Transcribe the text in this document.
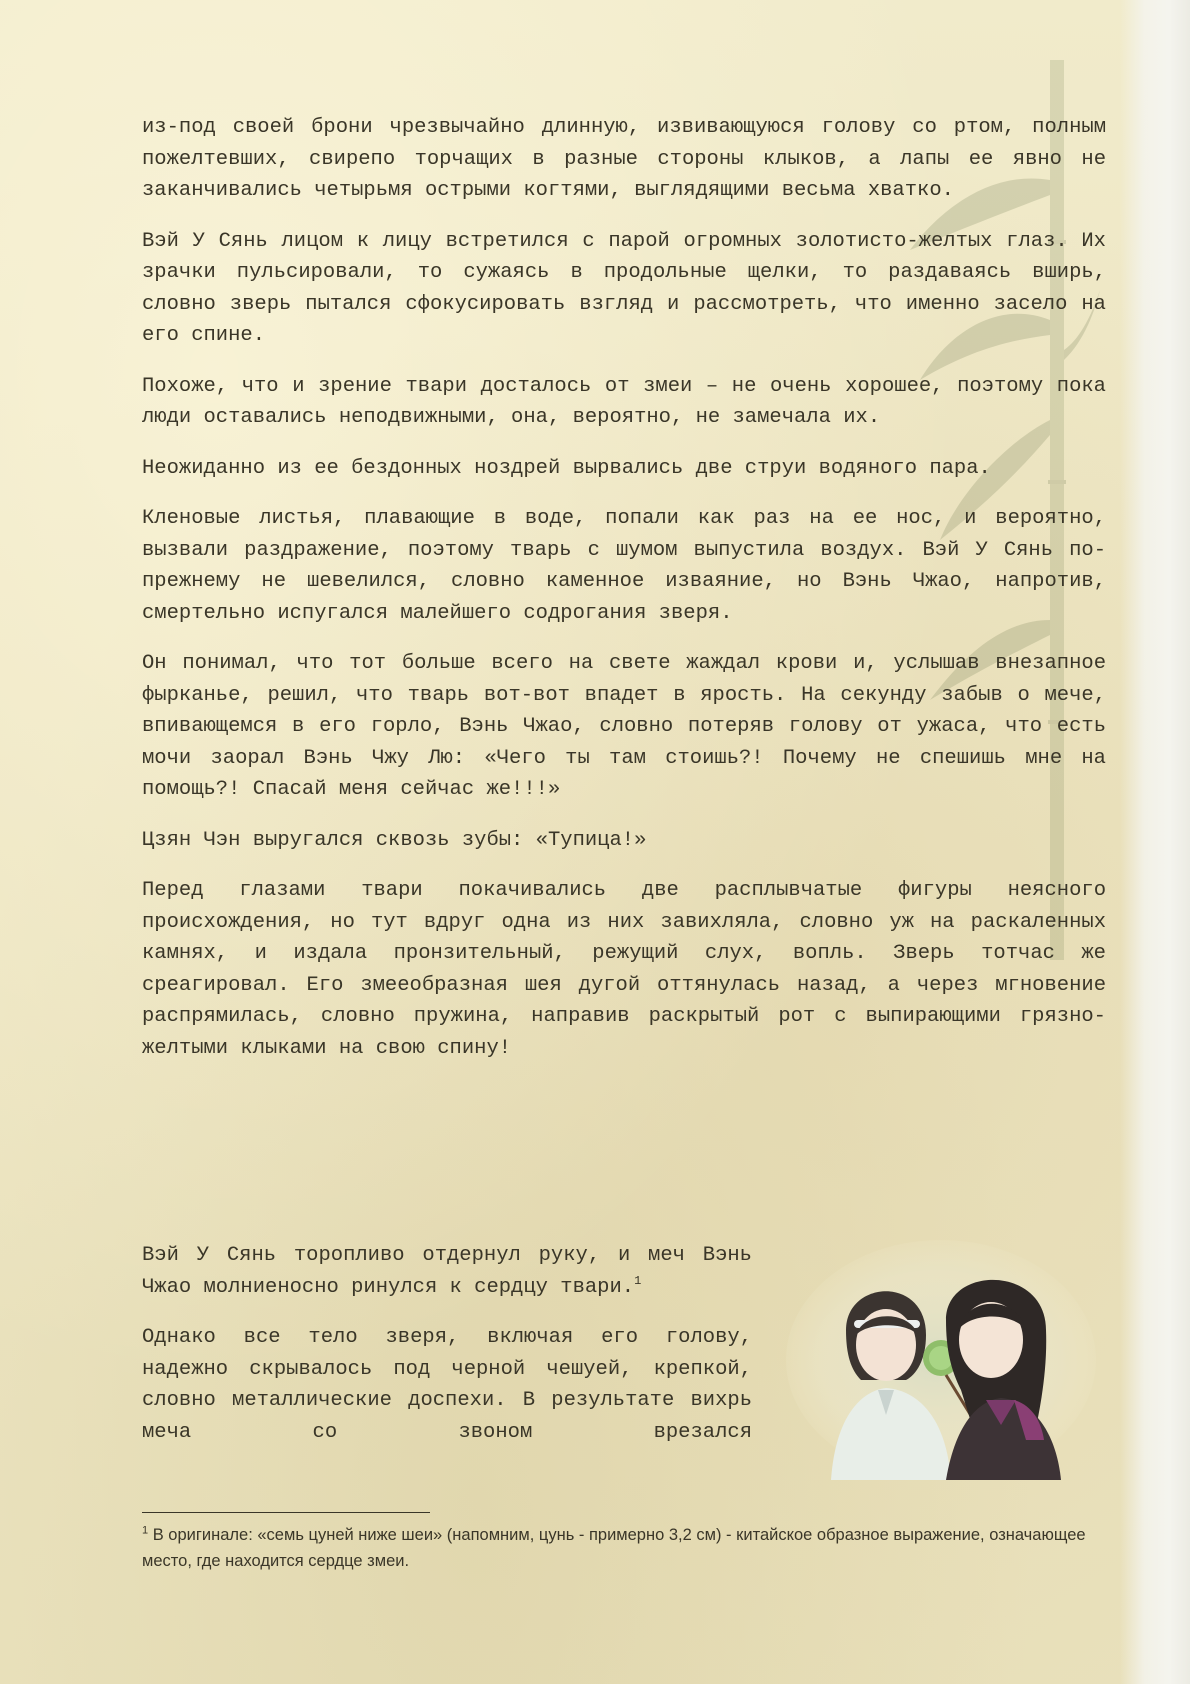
из-под своей брони чрезвычайно длинную, извивающуюся голову со ртом, полным пожелтевших, свирепо торчащих в разные стороны клыков, а лапы ее явно не заканчивались четырьмя острыми когтями, выглядящими весьма хватко.

Вэй У Сянь лицом к лицу встретился с парой огромных золотисто-желтых глаз. Их зрачки пульсировали, то сужаясь в продольные щелки, то раздаваясь вширь, словно зверь пытался сфокусировать взгляд и рассмотреть, что именно засело на его спине.

Похоже, что и зрение твари досталось от змеи – не очень хорошее, поэтому пока люди оставались неподвижными, она, вероятно, не замечала их.

Неожиданно из ее бездонных ноздрей вырвались две струи водяного пара.

Кленовые листья, плавающие в воде, попали как раз на ее нос, и вероятно, вызвали раздражение, поэтому тварь с шумом выпустила воздух. Вэй У Сянь по-прежнему не шевелился, словно каменное изваяние, но Вэнь Чжао, напротив, смертельно испугался малейшего содрогания зверя.

Он понимал, что тот больше всего на свете жаждал крови и, услышав внезапное фырканье, решил, что тварь вот-вот впадет в ярость. На секунду забыв о мече, впивающемся в его горло, Вэнь Чжао, словно потеряв голову от ужаса, что есть мочи заорал Вэнь Чжу Лю: «Чего ты там стоишь?! Почему не спешишь мне на помощь?! Спасай меня сейчас же!!!»

Цзян Чэн выругался сквозь зубы: «Тупица!»

Перед глазами твари покачивались две расплывчатые фигуры неясного происхождения, но тут вдруг одна из них завихляла, словно уж на раскаленных камнях, и издала пронзительный, режущий слух, вопль. Зверь тотчас же среагировал. Его змееобразная шея дугой оттянулась назад, а через мгновение распрямилась, словно пружина, направив раскрытый рот с выпирающими грязно-желтыми клыками на свою спину!

Вэй У Сянь торопливо отдернул руку, и меч Вэнь Чжао молниеносно ринулся к сердцу твари.$^1$

Однако все тело зверя, включая его голову, надежно скрывалось под черной чешуей, крепкой, словно металлические доспехи. В результате вихрь меча со звоном врезался

$^1$ В оригинале: «семь цуней ниже шеи» (напомним, цунь - примерно 3,2 см) - китайское образное выражение, означающее место, где находится сердце змеи.
